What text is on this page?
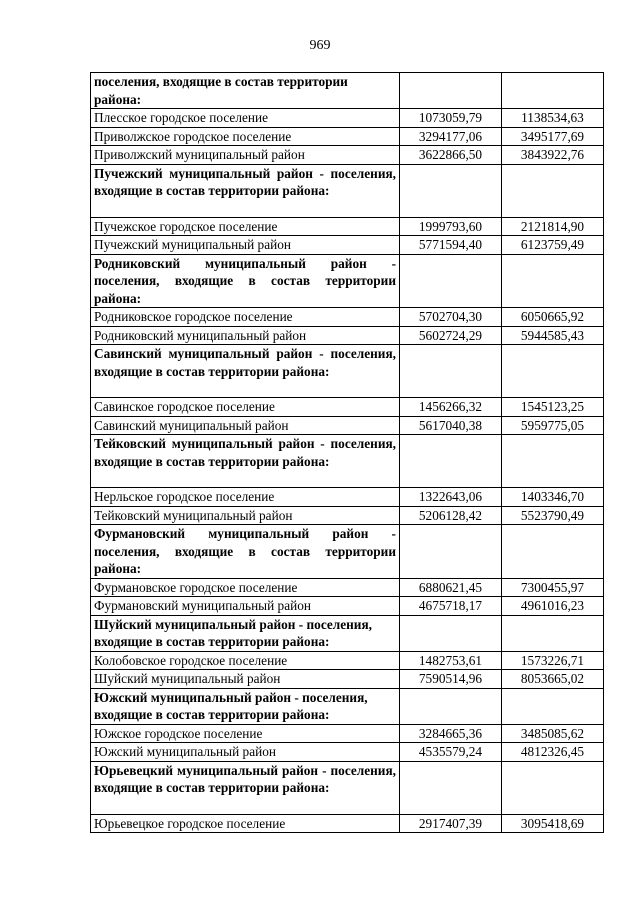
969
поселения, входящие в состав территории района:		
Плесское городское поселение	1073059,79	1138534,63
Приволжское городское поселение	3294177,06	3495177,69
Приволжский муниципальный район	3622866,50	3843922,76
Пучежский муниципальный район - поселения, входящие в состав территории района:		
Пучежское городское поселение	1999793,60	2121814,90
Пучежский муниципальный район	5771594,40	6123759,49
Родниковский муниципальный район - поселения, входящие в состав территории района:		
Родниковское городское поселение	5702704,30	6050665,92
Родниковский муниципальный район	5602724,29	5944585,43
Савинский муниципальный район - поселения, входящие в состав территории района:		
Савинское городское поселение	1456266,32	1545123,25
Савинский муниципальный район	5617040,38	5959775,05
Тейковский муниципальный район - поселения, входящие в состав территории района:		
Нерльское городское поселение	1322643,06	1403346,70
Тейковский муниципальный район	5206128,42	5523790,49
Фурмановский муниципальный район - поселения, входящие в состав территории района:		
Фурмановское городское поселение	6880621,45	7300455,97
Фурмановский муниципальный район	4675718,17	4961016,23
Шуйский муниципальный район - поселения, входящие в состав территории района:		
Колобовское городское поселение	1482753,61	1573226,71
Шуйский муниципальный район	7590514,96	8053665,02
Южский муниципальный район - поселения, входящие в состав территории района:		
Южское городское поселение	3284665,36	3485085,62
Южский муниципальный район	4535579,24	4812326,45
Юрьевецкий муниципальный район - поселения, входящие в состав территории района:		
Юрьевецкое городское поселение	2917407,39	3095418,69
